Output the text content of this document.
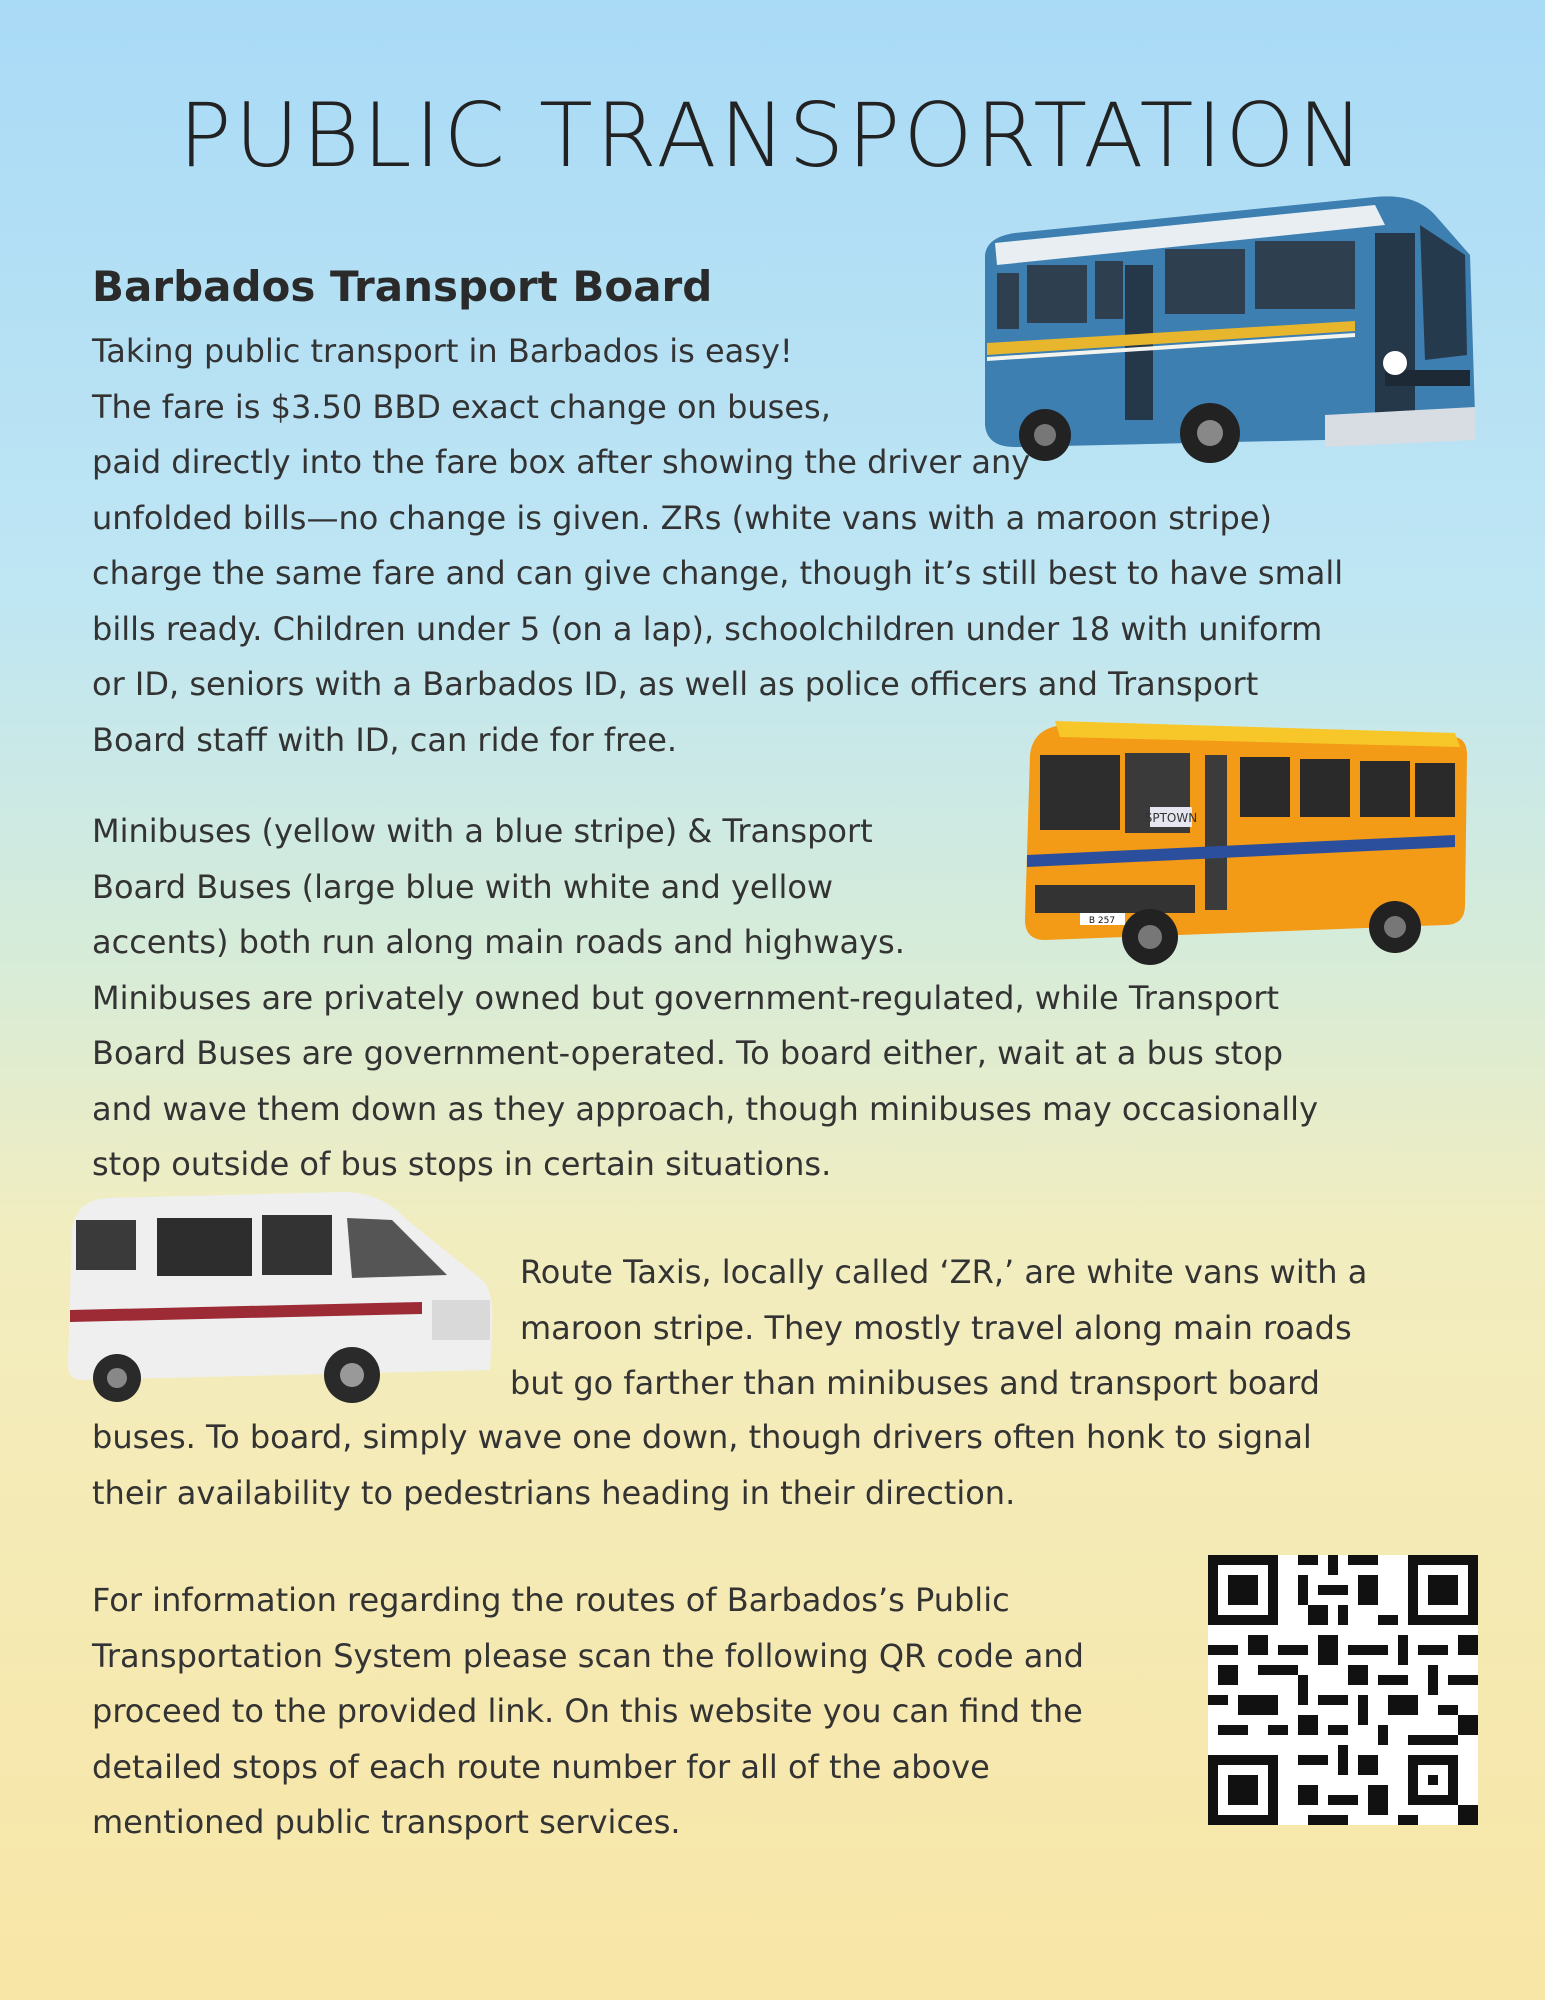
PUBLIC TRANSPORTATION
SPTOWN
B 257
Barbados Transport Board
Taking public transport in Barbados is easy!
The fare is $3.50 BBD exact change on buses,
paid directly into the fare box after showing the driver any
unfolded bills—no change is given. ZRs (white vans with a maroon stripe)
charge the same fare and can give change, though it’s still best to have small
bills ready. Children under 5 (on a lap), schoolchildren under 18 with uniform
or ID, seniors with a Barbados ID, as well as police officers and Transport
Board staff with ID, can ride for free.
Minibuses (yellow with a blue stripe) & Transport
Board Buses (large blue with white and yellow
accents) both run along main roads and highways.
Minibuses are privately owned but government-regulated, while Transport
Board Buses are government-operated. To board either, wait at a bus stop
and wave them down as they approach, though minibuses may occasionally
stop outside of bus stops in certain situations.
Route Taxis, locally called ‘ZR,’ are white vans with a
maroon stripe. They mostly travel along main roads
but go farther than minibuses and transport board
buses. To board, simply wave one down, though drivers often honk to signal
their availability to pedestrians heading in their direction.
For information regarding the routes of Barbados’s Public
Transportation System please scan the following QR code and
proceed to the provided link. On this website you can find the
detailed stops of each route number for all of the above
mentioned public transport services.
